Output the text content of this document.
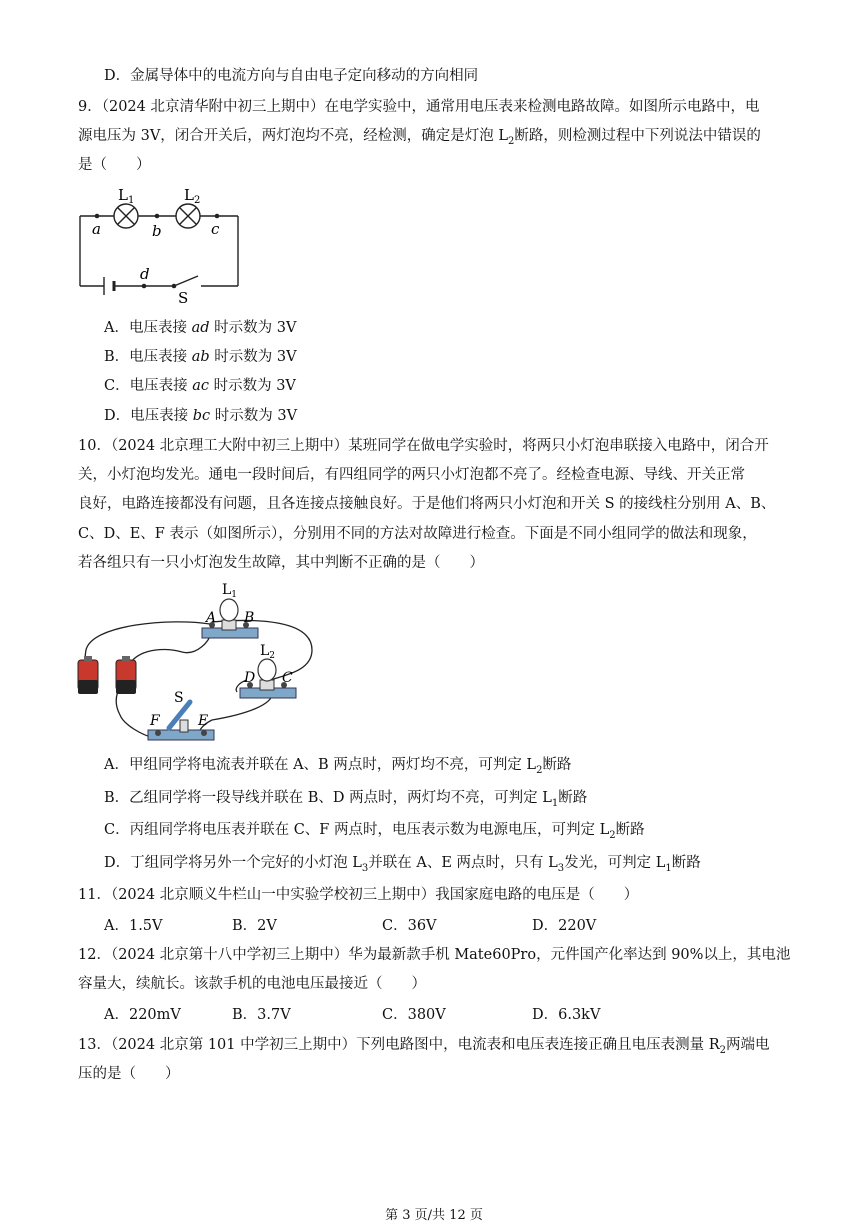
D．金属导体中的电流方向与自由电子定向移动的方向相同
9．（2024 北京清华附中初三上期中）在电学实验中，通常用电压表来检测电路故障。如图所示电路中，电
源电压为 3V，闭合开关后，两灯泡均不亮，经检测，确定是灯泡 $L_2$断路，则检测过程中下列说法中错误的
是（　　）
$L_1$	$L_2$
a	b	c
d
S
A．电压表接 ad 时示数为 3V
B．电压表接 ab 时示数为 3V
C．电压表接 ac 时示数为 3V
D．电压表接 bc 时示数为 3V
10．（2024 北京理工大附中初三上期中）某班同学在做电学实验时，将两只小灯泡串联接入电路中，闭合开
关，小灯泡均发光。通电一段时间后，有四组同学的两只小灯泡都不亮了。经检查电源、导线、开关正常
良好，电路连接都没有问题，且各连接点接触良好。于是他们将两只小灯泡和开关 S 的接线柱分别用 A、B、
C、D、E、F 表示（如图所示），分别用不同的方法对故障进行检查。下面是不同小组同学的做法和现象，
若各组只有一只小灯泡发生故障，其中判断不正确的是（　　）
$L_1$
$L_2$
A B
D C
F	E
S
A．甲组同学将电流表并联在 A、B 两点时，两灯均不亮，可判定 $L_2$断路
B．乙组同学将一段导线并联在 B、D 两点时，两灯均不亮，可判定 $L_1$断路
C．丙组同学将电压表并联在 C、F 两点时，电压表示数为电源电压，可判定 $L_2$断路
D．丁组同学将另外一个完好的小灯泡 $L_3$并联在 A、E 两点时，只有 $L_3$发光，可判定 $L_1$断路
11．（2024 北京顺义牛栏山一中实验学校初三上期中）我国家庭电路的电压是（　　）
A．1.5V	B．2V	C．36V	D．220V
12．（2024 北京第十八中学初三上期中）华为最新款手机 Mate60Pro，元件国产化率达到 90%以上，其电池
容量大，续航长。该款手机的电池电压最接近（　　）
A．220mV	B．3.7V	C．380V	D．6.3kV
13．（2024 北京第 101 中学初三上期中）下列电路图中，电流表和电压表连接正确且电压表测量 $R_2$两端电
压的是（　　）
第 3 页/共 12 页
